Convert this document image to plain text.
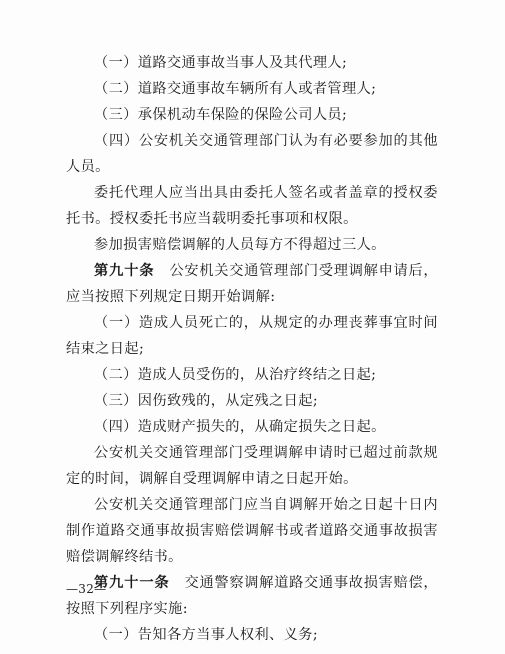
（一）道路交通事故当事人及其代理人;

（二）道路交通事故车辆所有人或者管理人;

（三）承保机动车保险的保险公司人员;

（四）公安机关交通管理部门认为有必要参加的其他人员。

委托代理人应当出具由委托人签名或者盖章的授权委托书。授权委托书应当载明委托事项和权限。

参加损害赔偿调解的人员每方不得超过三人。

第九十条　 公安机关交通管理部门受理调解申请后，应当按照下列规定日期开始调解:

（一）造成人员死亡的，从规定的办理丧葬事宜时间结束之日起;

（二）造成人员受伤的，从治疗终结之日起;

（三）因伤致残的，从定残之日起;

（四）造成财产损失的，从确定损失之日起。

公安机关交通管理部门受理调解申请时已超过前款规定的时间，调解自受理调解申请之日起开始。

公安机关交通管理部门应当自调解开始之日起十日内制作道路交通事故损害赔偿调解书或者道路交通事故损害赔偿调解终结书。

第九十一条　 交通警察调解道路交通事故损害赔偿，按照下列程序实施:

（一）告知各方当事人权利、义务;

—32—
